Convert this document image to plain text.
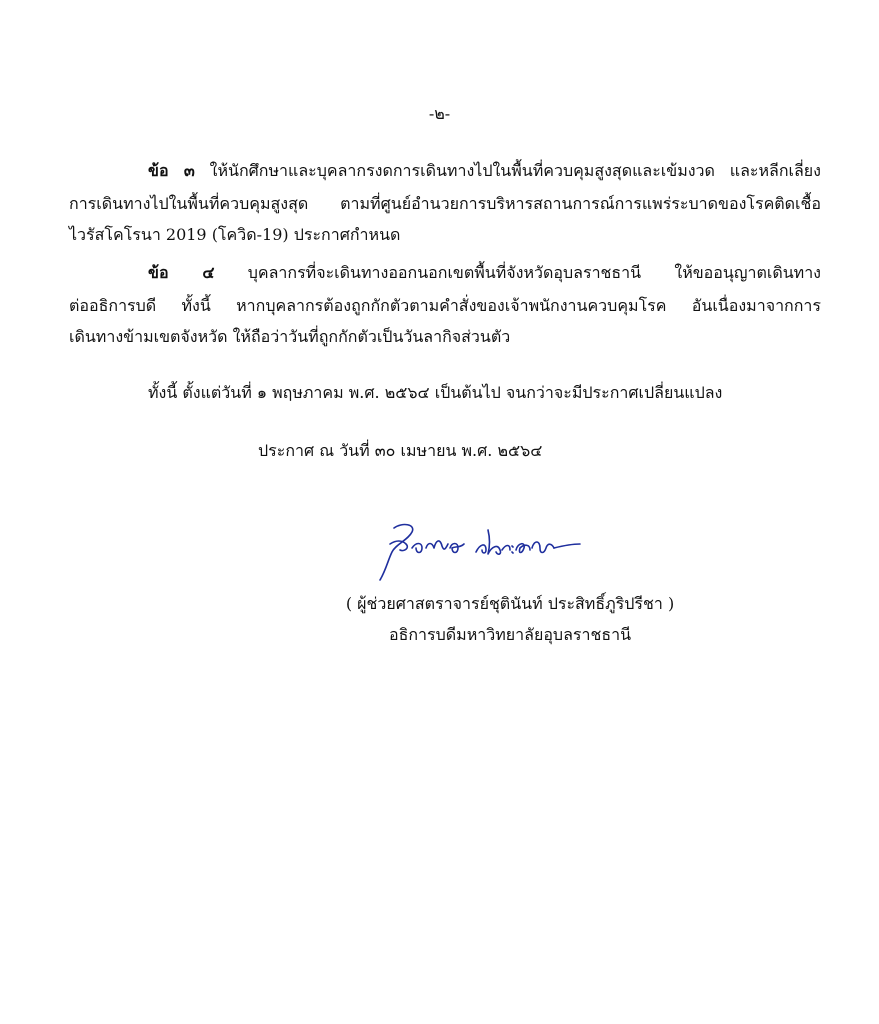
-๒-
ข้อ ๓ ให้นักศึกษาและบุคลากรงดการเดินทางไปในพื้นที่ควบคุมสูงสุดและเข้มงวด และหลีกเลี่ยง
การเดินทางไปในพื้นที่ควบคุมสูงสุด ตามที่ศูนย์อำนวยการบริหารสถานการณ์การแพร่ระบาดของโรคติดเชื้อ
ไวรัสโคโรนา 2019 (โควิด-19) ประกาศกำหนด
ข้อ ๔ บุคลากรที่จะเดินทางออกนอกเขตพื้นที่จังหวัดอุบลราชธานี ให้ขออนุญาตเดินทาง
ต่ออธิการบดี ทั้งนี้ หากบุคลากรต้องถูกกักตัวตามคำสั่งของเจ้าพนักงานควบคุมโรค อันเนื่องมาจากการ
เดินทางข้ามเขตจังหวัด ให้ถือว่าวันที่ถูกกักตัวเป็นวันลากิจส่วนตัว
ทั้งนี้ ตั้งแต่วันที่ ๑ พฤษภาคม พ.ศ. ๒๕๖๔ เป็นต้นไป จนกว่าจะมีประกาศเปลี่ยนแปลง
ประกาศ ณ วันที่ ๓๐ เมษายน พ.ศ. ๒๕๖๔
( ผู้ช่วยศาสตราจารย์ชุตินันท์ ประสิทธิ์ภูริปรีชา )
อธิการบดีมหาวิทยาลัยอุบลราชธานี
